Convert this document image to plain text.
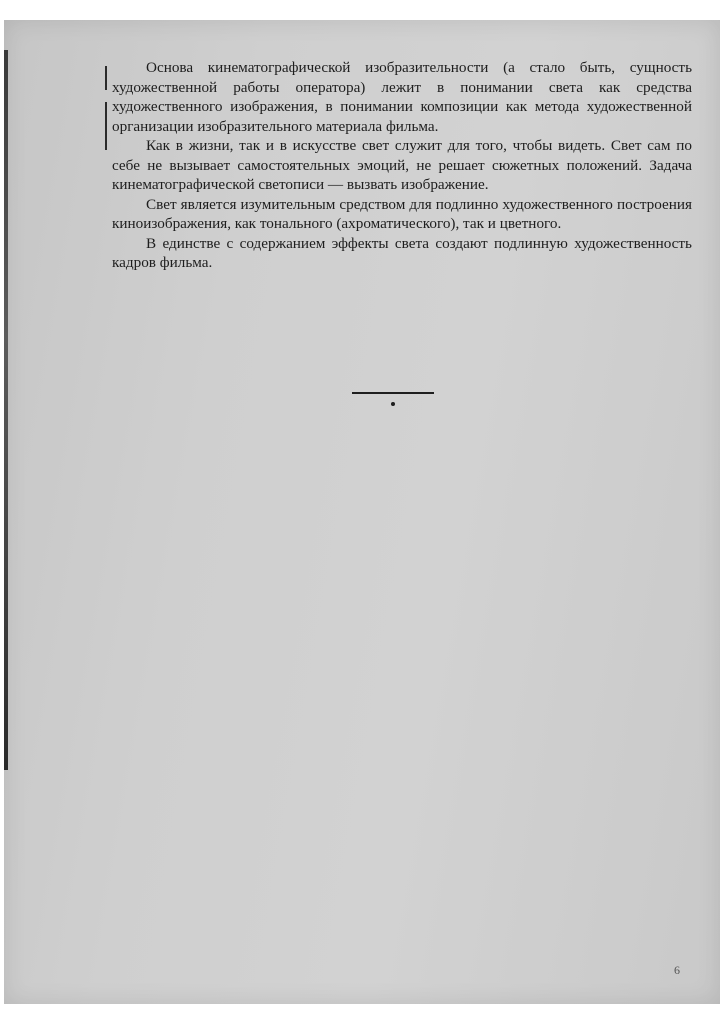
Основа кинематографической изобразительности (а стало быть, сущность художественной работы оператора) лежит в понимании света как средства художественного изображения, в понимании композиции как метода художественной организации изобразительного материала фильма.

Как в жизни, так и в искусстве свет служит для того, чтобы видеть. Свет сам по себе не вызывает самостоятельных эмоций, не решает сюжетных положений. Задача кинематографической светописи — вызвать изображение.

Свет является изумительным средством для подлинно художественного построения киноизображения, как тонального (ахроматического), так и цветного.

В единстве с содержанием эффекты света создают подлинную художественность кадров фильма.

6
